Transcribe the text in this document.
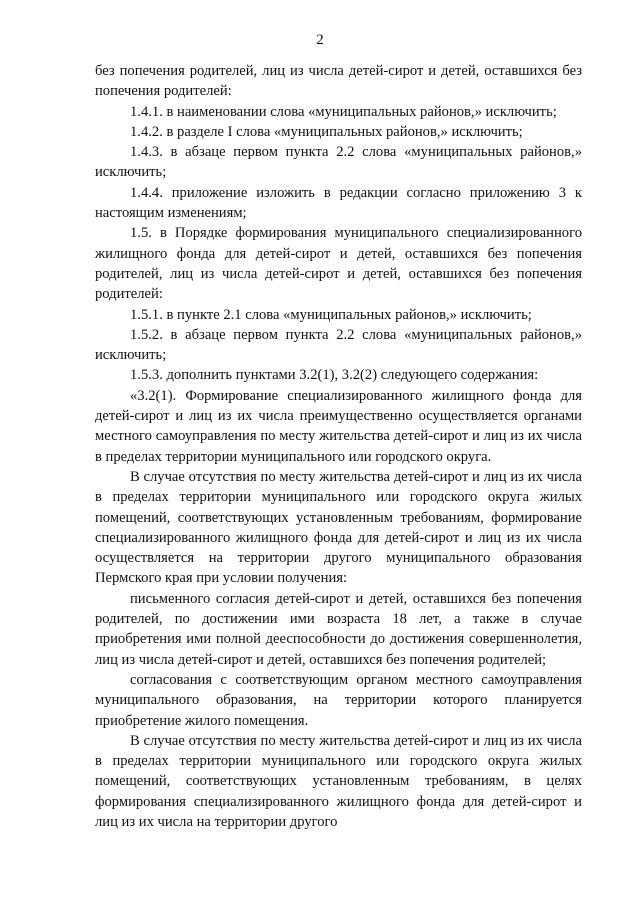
2

без попечения родителей, лиц из числа детей-сирот и детей, оставшихся без попечения родителей:

1.4.1. в наименовании слова «муниципальных районов,» исключить;

1.4.2. в разделе I слова «муниципальных районов,» исключить;

1.4.3. в абзаце первом пункта 2.2 слова «муниципальных районов,» исключить;

1.4.4. приложение изложить в редакции согласно приложению 3 к настоящим изменениям;

1.5. в Порядке формирования муниципального специализированного жилищного фонда для детей-сирот и детей, оставшихся без попечения родителей, лиц из числа детей-сирот и детей, оставшихся без попечения родителей:

1.5.1. в пункте 2.1 слова «муниципальных районов,» исключить;

1.5.2. в абзаце первом пункта 2.2 слова «муниципальных районов,» исключить;

1.5.3. дополнить пунктами 3.2(1), 3.2(2) следующего содержания:

«3.2(1). Формирование специализированного жилищного фонда для детей-сирот и лиц из их числа преимущественно осуществляется органами местного самоуправления по месту жительства детей-сирот и лиц из их числа в пределах территории муниципального или городского округа.

В случае отсутствия по месту жительства детей-сирот и лиц из их числа в пределах территории муниципального или городского округа жилых помещений, соответствующих установленным требованиям, формирование специализированного жилищного фонда для детей-сирот и лиц из их числа осуществляется на территории другого муниципального образования Пермского края при условии получения:

письменного согласия детей-сирот и детей, оставшихся без попечения родителей, по достижении ими возраста 18 лет, а также в случае приобретения ими полной дееспособности до достижения совершеннолетия, лиц из числа детей-сирот и детей, оставшихся без попечения родителей;

согласования с соответствующим органом местного самоуправления муниципального образования, на территории которого планируется приобретение жилого помещения.

В случае отсутствия по месту жительства детей-сирот и лиц из их числа в пределах территории муниципального или городского округа жилых помещений, соответствующих установленным требованиям, в целях формирования специализированного жилищного фонда для детей-сирот и лиц из их числа на территории другого
